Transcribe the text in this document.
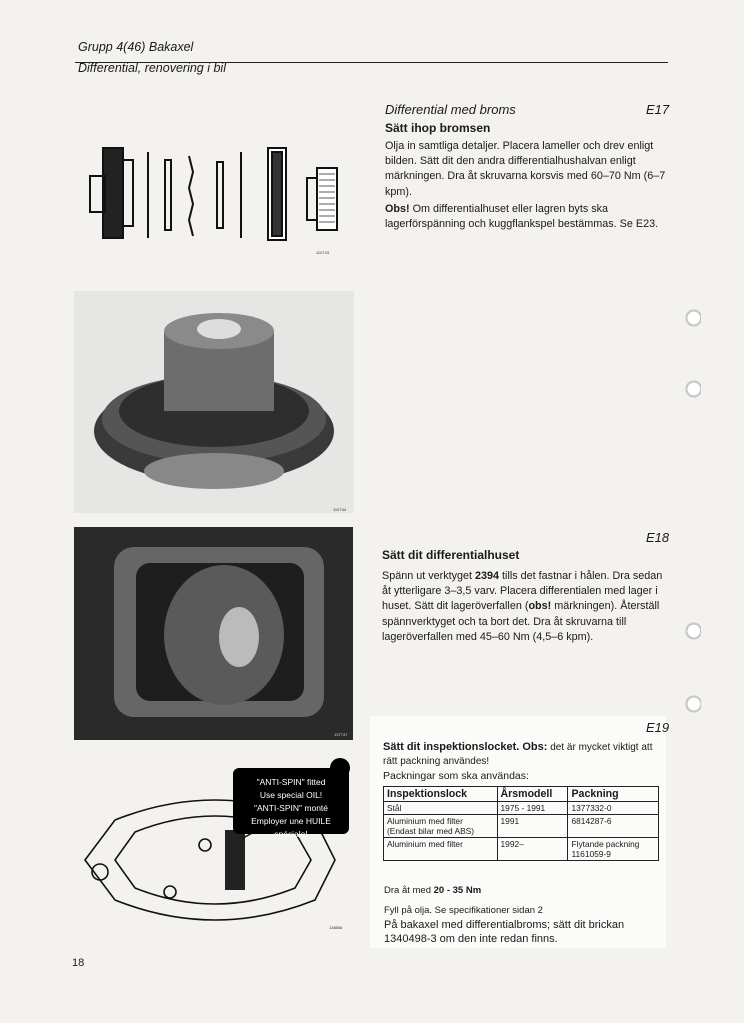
Grupp 4(46) Bakaxel
Differential, renovering i bil
110743
Differential med broms	E17
Sätt ihop bromsen
Olja in samtliga detaljer. Placera lameller och drev enligt bilden. Sätt dit den andra differentialhushalvan enligt märkningen. Dra åt skruvarna korsvis med 60–70 Nm (6–7 kpm).
Obs! Om differentialhuset eller lagren byts ska lagerförspänning och kuggflankspel bestämmas. Se E23.
110744
137747
E18
Sätt dit differentialhuset
Spänn ut verktyget 2394 tills det fastnar i hålen. Dra sedan åt ytterligare 3–3,5 varv. Placera differentialen med lager i huset. Sätt dit lageröverfallen (obs! märkningen). Återställ spännverktyget och ta bort det. Dra åt skruvarna till lageröverfallen med 45–60 Nm (4,5–6 kpm).
E19
Sätt dit inspektionslocket. Obs: det är mycket viktigt att rätt packning användes!
Packningar som ska användas:
Inspektionslock	Årsmodell	Packning
Stål	1975 - 1991	1377332-0
Aluminium med filter
(Endast bilar med ABS)	1991	6814287-6
Aluminium med filter	1992–	Flytande packning
1161059-9
Dra åt med 20 - 35 Nm
Fyll på olja. Se specifikationer sidan 2
På bakaxel med differentialbroms; sätt dit brickan 1340498-3 om den inte redan finns.
"ANTI-SPIN" fitted
Use special OIL!
"ANTI-SPIN" monté
Employer une HUILE spéciale!
138856
18
